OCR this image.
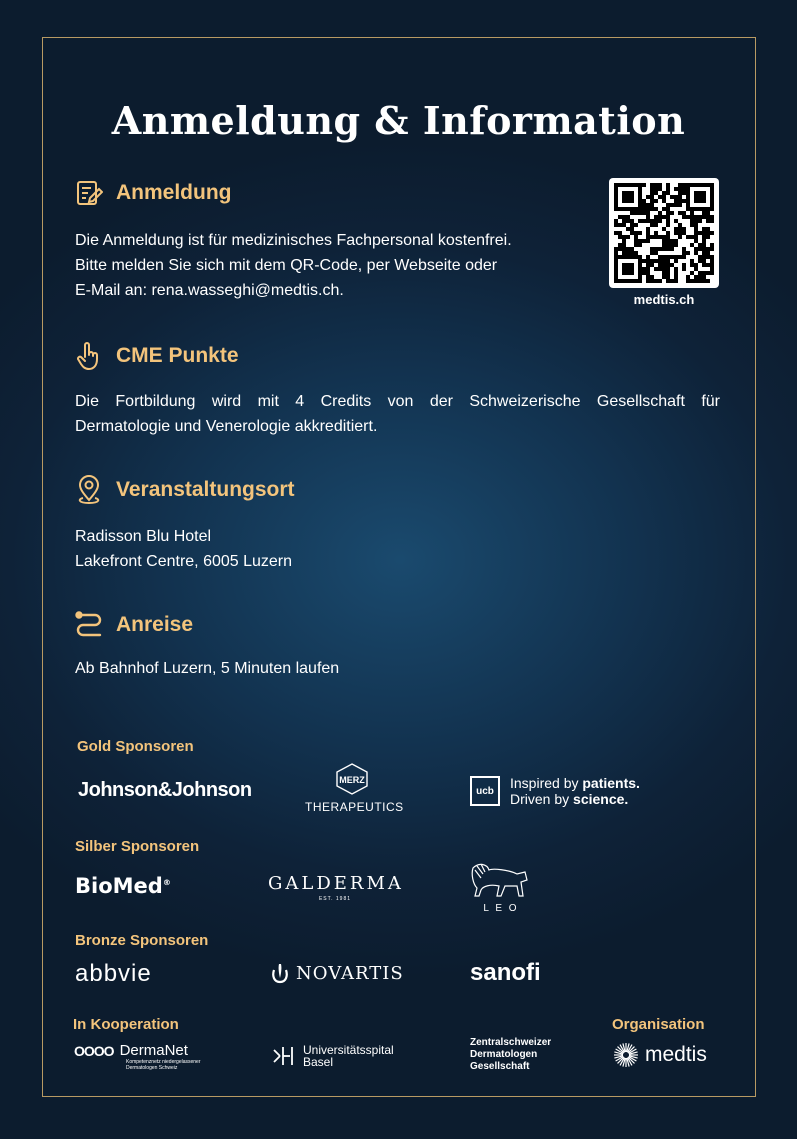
Anmeldung & Information
Anmeldung
Die Anmeldung ist für medizinisches Fachpersonal kostenfrei.
Bitte melden Sie sich mit dem QR-Code, per Webseite oder
E-Mail an: rena.wasseghi@medtis.ch.
medtis.ch
CME Punkte
Die Fortbildung wird mit 4 Credits von der Schweizerische Gesellschaft für
Dermatologie und Venerologie akkreditiert.
Veranstaltungsort
Radisson Blu Hotel
Lakefront Centre, 6005 Luzern
Anreise
Ab Bahnhof Luzern, 5 Minuten laufen
Gold Sponsoren
Johnson&Johnson	MERZ
THERAPEUTICS
ucb	Inspired by patients.
Driven by science.
Silber Sponsoren
BioMed®	GALDERMA
EST. 1981
L E O
Bronze Sponsoren
abbvie	NOVARTIS	sanofi
In Kooperation
OOOO DermaNet
Kompetenznetz niedergelassener
Dermatologen Schweiz
Universitätsspital
Basel
Zentralschweizer
Dermatologen
Gesellschaft
Organisation
medtis
